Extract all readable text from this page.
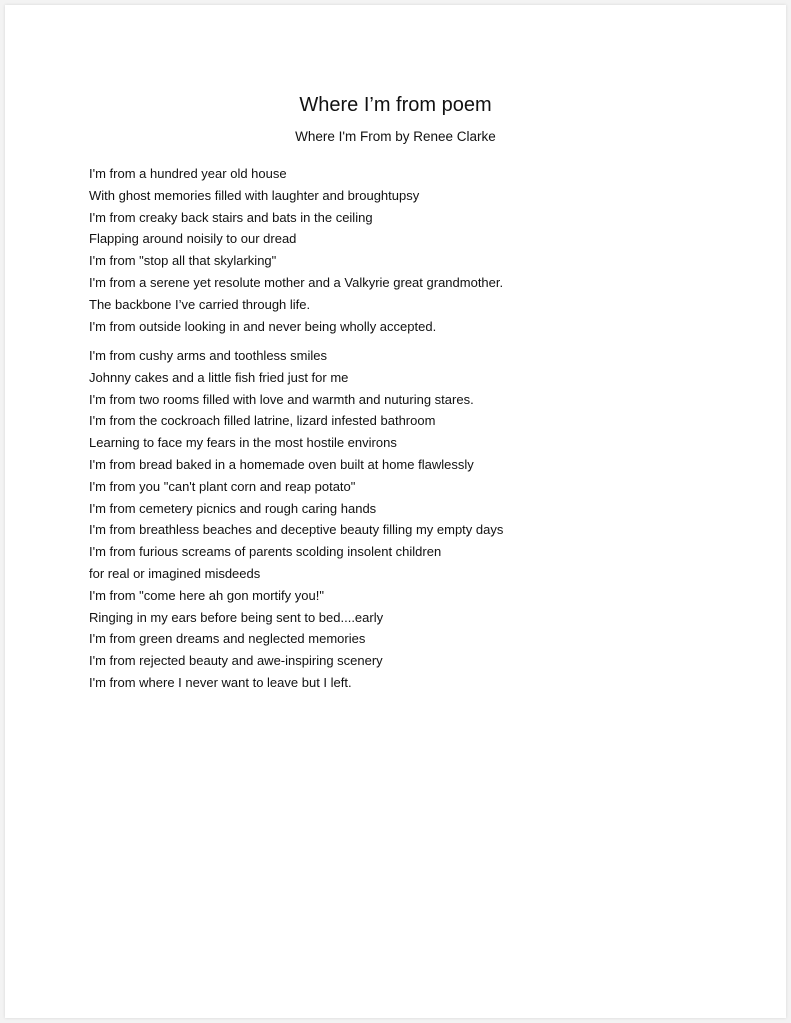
Where I’m from poem
Where I'm From by Renee Clarke
I'm from a hundred year old house
With ghost memories filled with laughter and broughtupsy
I'm from creaky back stairs and bats in the ceiling
Flapping around noisily to our dread
I'm from "stop all that skylarking"
I'm from a serene yet resolute mother and a Valkyrie great grandmother.
The backbone I’ve carried through life.
I'm from outside looking in and never being wholly accepted.
I'm from cushy arms and toothless smiles
Johnny cakes and a little fish fried just for me
I'm from two rooms filled with love and warmth and nuturing stares.
I'm from the cockroach filled latrine, lizard infested bathroom
Learning to face my fears in the most hostile environs
I'm from bread baked in a homemade oven built at home flawlessly
I'm from you "can't plant corn and reap potato"
I'm from cemetery picnics and rough caring hands
I'm from breathless beaches and deceptive beauty filling my empty days
I'm from furious screams of parents scolding insolent children
for real or imagined misdeeds
I'm from "come here ah gon mortify you!"
Ringing in my ears before being sent to bed....early
I'm from green dreams and neglected memories
I'm from rejected beauty and awe-inspiring scenery
I'm from where I never want to leave but I left.
